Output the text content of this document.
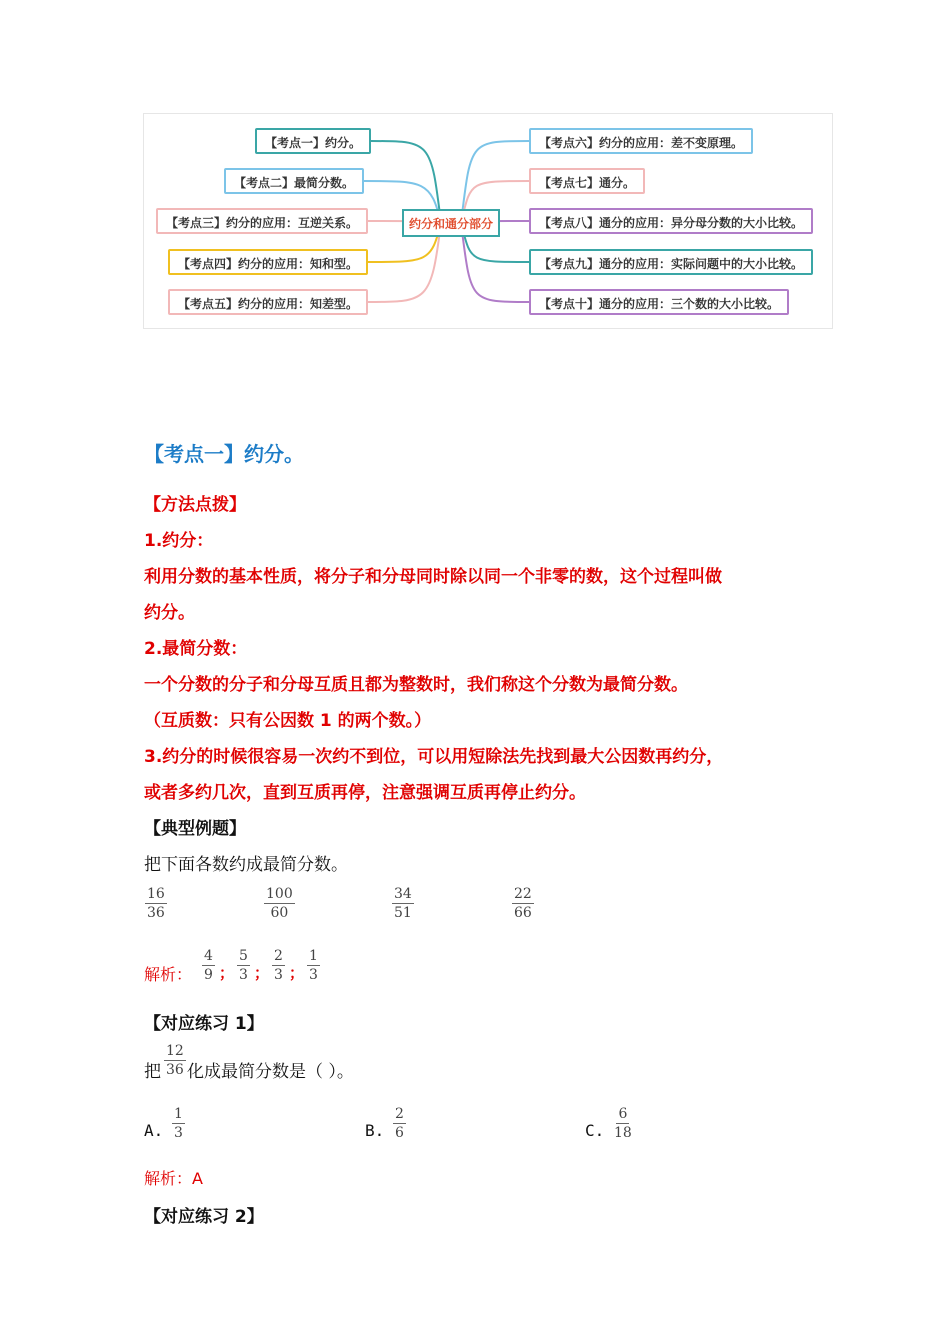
约分和通分部分
【考点一】约分。
【考点二】最简分数。
【考点三】约分的应用：互逆关系。
【考点四】约分的应用：知和型。
【考点五】约分的应用：知差型。
【考点六】约分的应用：差不变原理。
【考点七】通分。
【考点八】通分的应用：异分母分数的大小比较。
【考点九】通分的应用：实际问题中的大小比较。
【考点十】通分的应用：三个数的大小比较。
【考点一】约分。
【方法点拨】
1.约分：
利用分数的基本性质，将分子和分母同时除以同一个非零的数，这个过程叫做
约分。
2.最简分数：
一个分数的分子和分母互质且都为整数时，我们称这个分数为最简分数。
（互质数：只有公因数 1 的两个数。）
3.约分的时候很容易一次约不到位，可以用短除法先找到最大公因数再约分，
或者多约几次，直到互质再停，注意强调互质再停止约分。
【典型例题】
把下面各数约成最简分数。
$\frac{16}{36}$	$\frac{100}{60}$	$\frac{34}{51}$	$\frac{22}{66}$
解析： $\frac{4}{9}$ ； $\frac{5}{3}$ ； $\frac{2}{3}$ ； $\frac{1}{3}$
【对应练习 1】
把 $\frac{12}{36}$ 化成最简分数是（ ）。
A. $\frac{1}{3}$	B. $\frac{2}{6}$	C. $\frac{6}{18}$
解析：A
【对应练习 2】
